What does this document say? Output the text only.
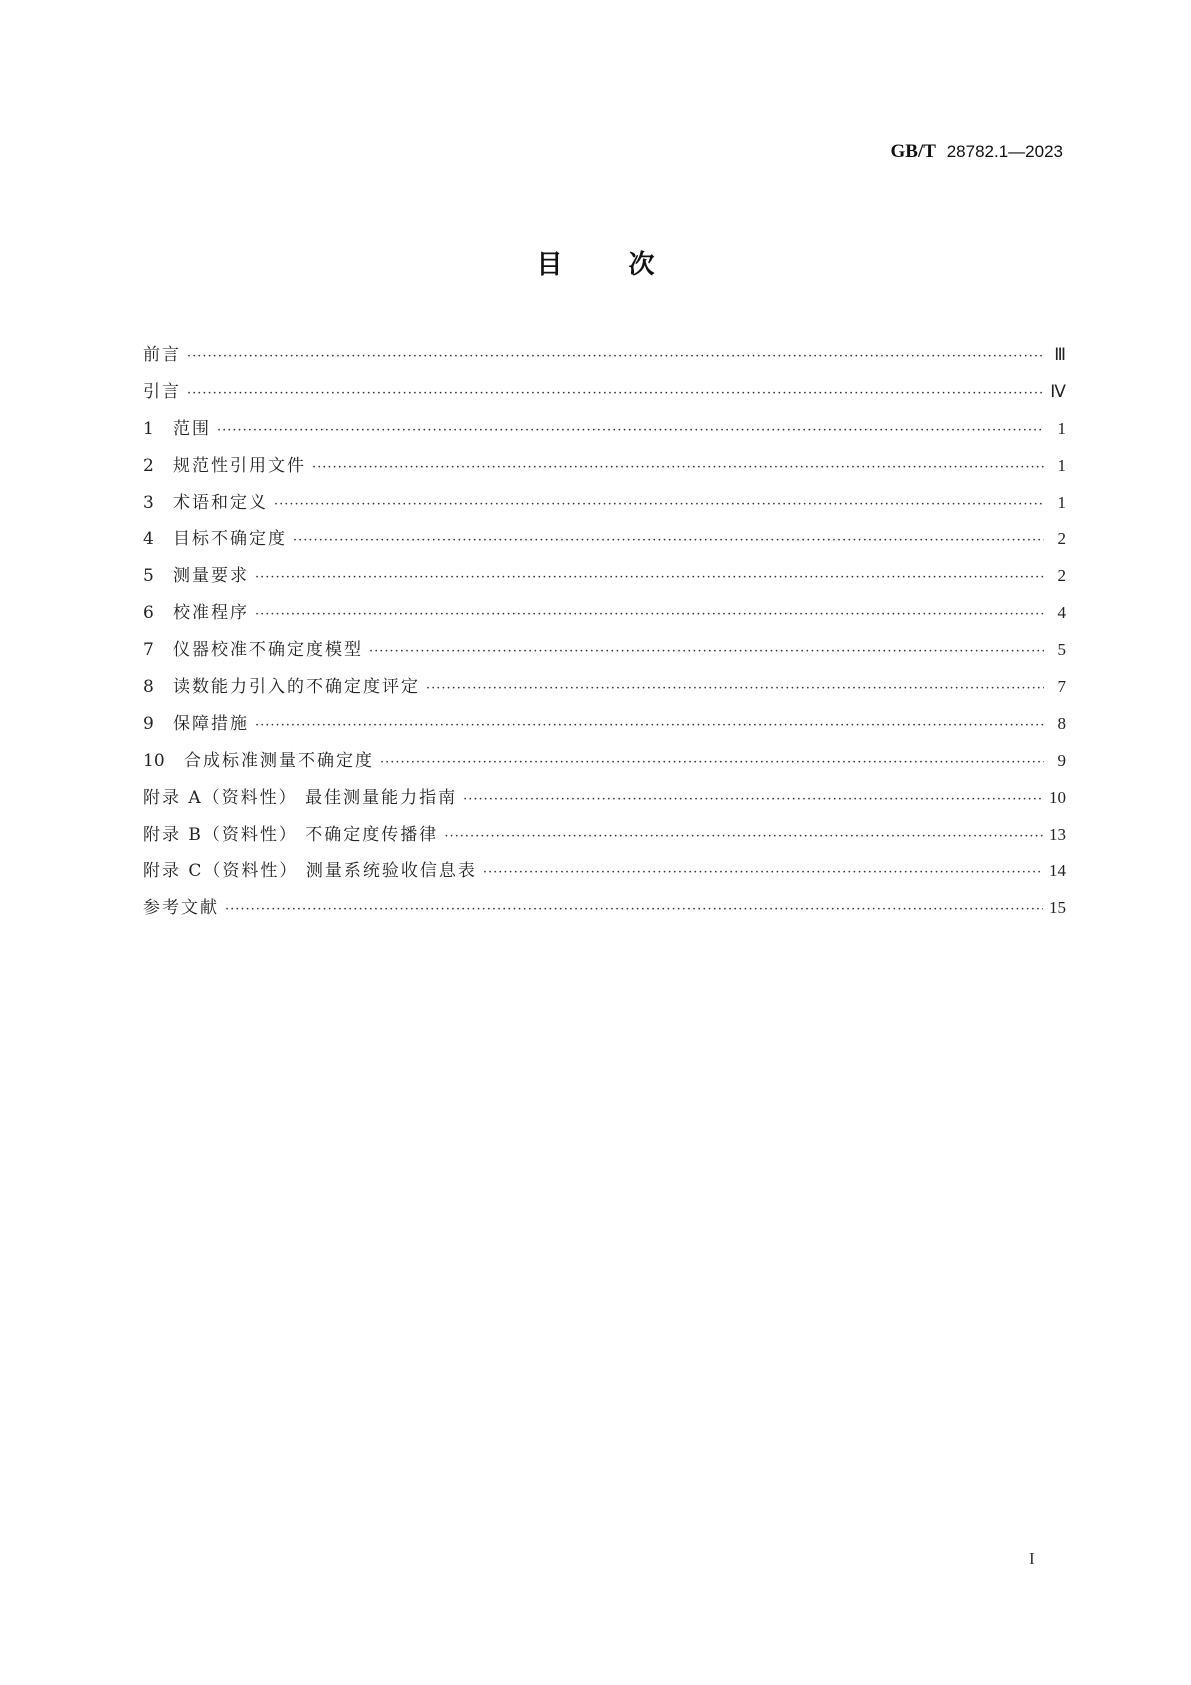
GB/T 28782.1—2023
目次
前言 ·····	Ⅲ
引言 ·····	Ⅳ
1	范围 ·····	1
2	规范性引用文件 ·····	1
3	术语和定义 ·····	1
4	目标不确定度 ·····	2
5	测量要求 ·····	2
6	校准程序 ·····	4
7	仪器校准不确定度模型 ·····	5
8	读数能力引入的不确定度评定 ·····	7
9	保障措施 ·····	8
10	合成标准测量不确定度 ·····	9
附录 A（资料性） 最佳测量能力指南 ·····	10
附录 B（资料性） 不确定度传播律 ·····	13
附录 C（资料性） 测量系统验收信息表 ·····	14
参考文献 ·····	15
I
